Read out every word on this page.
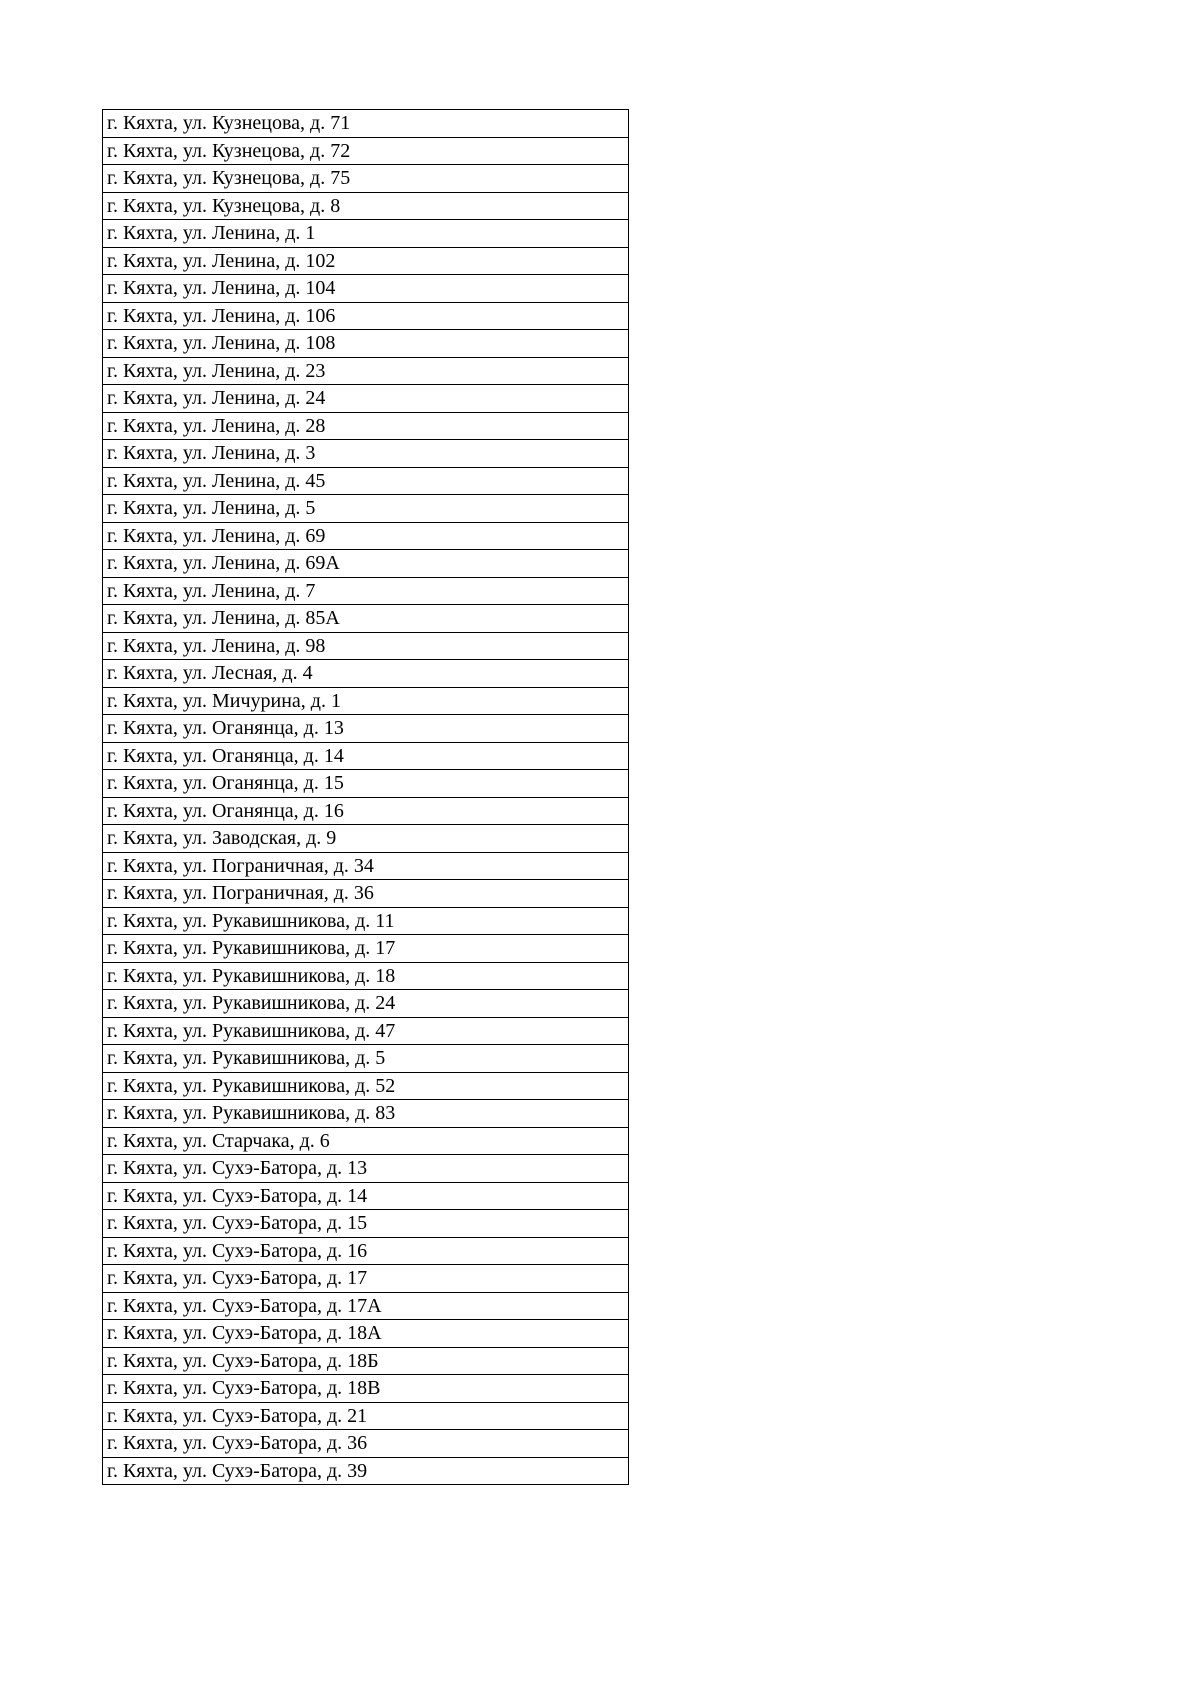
г. Кяхта, ул. Кузнецова, д. 71
г. Кяхта, ул. Кузнецова, д. 72
г. Кяхта, ул. Кузнецова, д. 75
г. Кяхта, ул. Кузнецова, д. 8
г. Кяхта, ул. Ленина, д. 1
г. Кяхта, ул. Ленина, д. 102
г. Кяхта, ул. Ленина, д. 104
г. Кяхта, ул. Ленина, д. 106
г. Кяхта, ул. Ленина, д. 108
г. Кяхта, ул. Ленина, д. 23
г. Кяхта, ул. Ленина, д. 24
г. Кяхта, ул. Ленина, д. 28
г. Кяхта, ул. Ленина, д. 3
г. Кяхта, ул. Ленина, д. 45
г. Кяхта, ул. Ленина, д. 5
г. Кяхта, ул. Ленина, д. 69
г. Кяхта, ул. Ленина, д. 69А
г. Кяхта, ул. Ленина, д. 7
г. Кяхта, ул. Ленина, д. 85А
г. Кяхта, ул. Ленина, д. 98
г. Кяхта, ул. Лесная, д. 4
г. Кяхта, ул. Мичурина, д. 1
г. Кяхта, ул. Оганянца, д. 13
г. Кяхта, ул. Оганянца, д. 14
г. Кяхта, ул. Оганянца, д. 15
г. Кяхта, ул. Оганянца, д. 16
г. Кяхта, ул. Заводская, д. 9
г. Кяхта, ул. Пограничная, д. 34
г. Кяхта, ул. Пограничная, д. 36
г. Кяхта, ул. Рукавишникова, д. 11
г. Кяхта, ул. Рукавишникова, д. 17
г. Кяхта, ул. Рукавишникова, д. 18
г. Кяхта, ул. Рукавишникова, д. 24
г. Кяхта, ул. Рукавишникова, д. 47
г. Кяхта, ул. Рукавишникова, д. 5
г. Кяхта, ул. Рукавишникова, д. 52
г. Кяхта, ул. Рукавишникова, д. 83
г. Кяхта, ул. Старчака, д. 6
г. Кяхта, ул. Сухэ-Батора, д. 13
г. Кяхта, ул. Сухэ-Батора, д. 14
г. Кяхта, ул. Сухэ-Батора, д. 15
г. Кяхта, ул. Сухэ-Батора, д. 16
г. Кяхта, ул. Сухэ-Батора, д. 17
г. Кяхта, ул. Сухэ-Батора, д. 17А
г. Кяхта, ул. Сухэ-Батора, д. 18А
г. Кяхта, ул. Сухэ-Батора, д. 18Б
г. Кяхта, ул. Сухэ-Батора, д. 18В
г. Кяхта, ул. Сухэ-Батора, д. 21
г. Кяхта, ул. Сухэ-Батора, д. 36
г. Кяхта, ул. Сухэ-Батора, д. 39
